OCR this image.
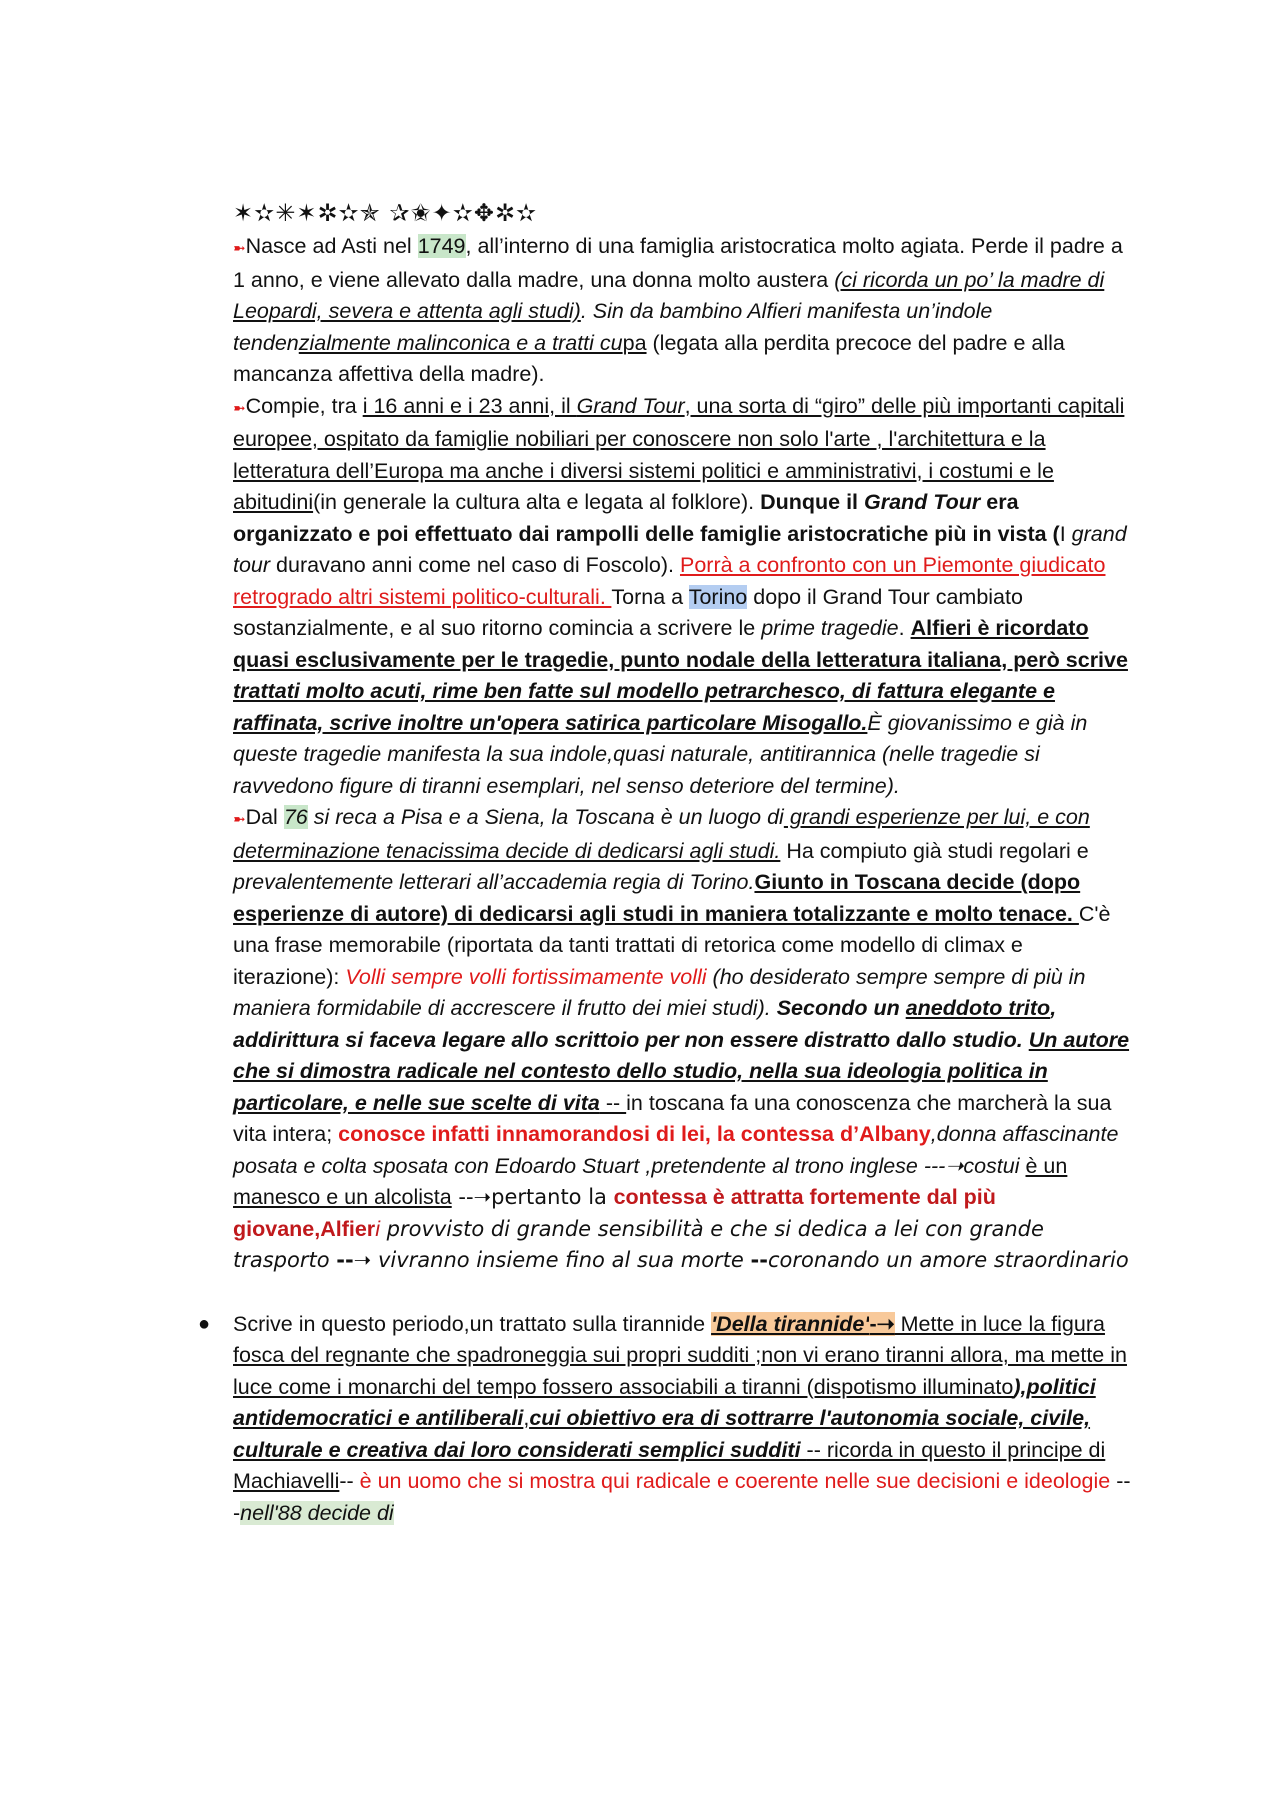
✶✫✳✶✲✫✯ ✰✬✦✫✥✲✫

➼Nasce ad Asti nel 1749, all’interno di una famiglia aristocratica molto agiata. Perde il padre a 1 anno, e viene allevato dalla madre, una donna molto austera (ci ricorda un po’ la madre di Leopardi, severa e attenta agli studi). Sin da bambino Alfieri manifesta un’indole tendenzialmente malinconica e a tratti cupa (legata alla perdita precoce del padre e alla mancanza affettiva della madre).

➼Compie, tra i 16 anni e i 23 anni, il Grand Tour, una sorta di “giro” delle più importanti capitali europee, ospitato da famiglie nobiliari per conoscere non solo l'arte , l'architettura e la letteratura dell’Europa ma anche i diversi sistemi politici e amministrativi, i costumi e le abitudini(in generale la cultura alta e legata al folklore). Dunque il Grand Tour era organizzato e poi effettuato dai rampolli delle famiglie aristocratiche più in vista (I grand tour duravano anni come nel caso di Foscolo). Porrà a confronto con un Piemonte giudicato retrogrado altri sistemi politico-culturali. Torna a Torino dopo il Grand Tour cambiato sostanzialmente, e al suo ritorno comincia a scrivere le prime tragedie. Alfieri è ricordato quasi esclusivamente per le tragedie, punto nodale della letteratura italiana, però scrive trattati molto acuti, rime ben fatte sul modello petrarchesco, di fattura elegante e raffinata, scrive inoltre un'opera satirica particolare Misogallo.È giovanissimo e già in queste tragedie manifesta la sua indole,quasi naturale, antitirannica (nelle tragedie si ravvedono figure di tiranni esemplari, nel senso deteriore del termine).

➼Dal 76 si reca a Pisa e a Siena, la Toscana è un luogo di grandi esperienze per lui, e con determinazione tenacissima decide di dedicarsi agli studi. Ha compiuto già studi regolari e prevalentemente letterari all’accademia regia di Torino.Giunto in Toscana decide (dopo esperienze di autore) di dedicarsi agli studi in maniera totalizzante e molto tenace. C'è una frase memorabile (riportata da tanti trattati di retorica come modello di climax e iterazione): Volli sempre volli fortissimamente volli (ho desiderato sempre sempre di più in maniera formidabile di accrescere il frutto dei miei studi). Secondo un aneddoto trito, addirittura si faceva legare allo scrittoio per non essere distratto dallo studio. Un autore che si dimostra radicale nel contesto dello studio, nella sua ideologia politica in particolare, e nelle sue scelte di vita -- in toscana fa una conoscenza che marcherà la sua vita intera; conosce infatti innamorandosi di lei, la contessa d’Albany,donna affascinante posata e colta sposata con Edoardo Stuart ,pretendente al trono inglese ---➝costui è un manesco e un alcolista --➝pertanto la contessa è attratta fortemente dal più giovane,Alfieri provvisto di grande sensibilità e che si dedica a lei con grande trasporto --➝ vivranno insieme fino al sua morte --coronando un amore straordinario

● Scrive in questo periodo,un trattato sulla tirannide 'Della tirannide'-➝ Mette in luce la figura fosca del regnante che spadroneggia sui propri sudditi ;non vi erano tiranni allora, ma mette in luce come i monarchi del tempo fossero associabili a tiranni (dispotismo illuminato),politici antidemocratici e antiliberali,cui obiettivo era di sottrarre l'autonomia sociale, civile, culturale e creativa dai loro considerati semplici sudditi -- ricorda in questo il principe di Machiavelli-- è un uomo che si mostra qui radicale e coerente nelle sue decisioni e ideologie ---nell'88 decide di
